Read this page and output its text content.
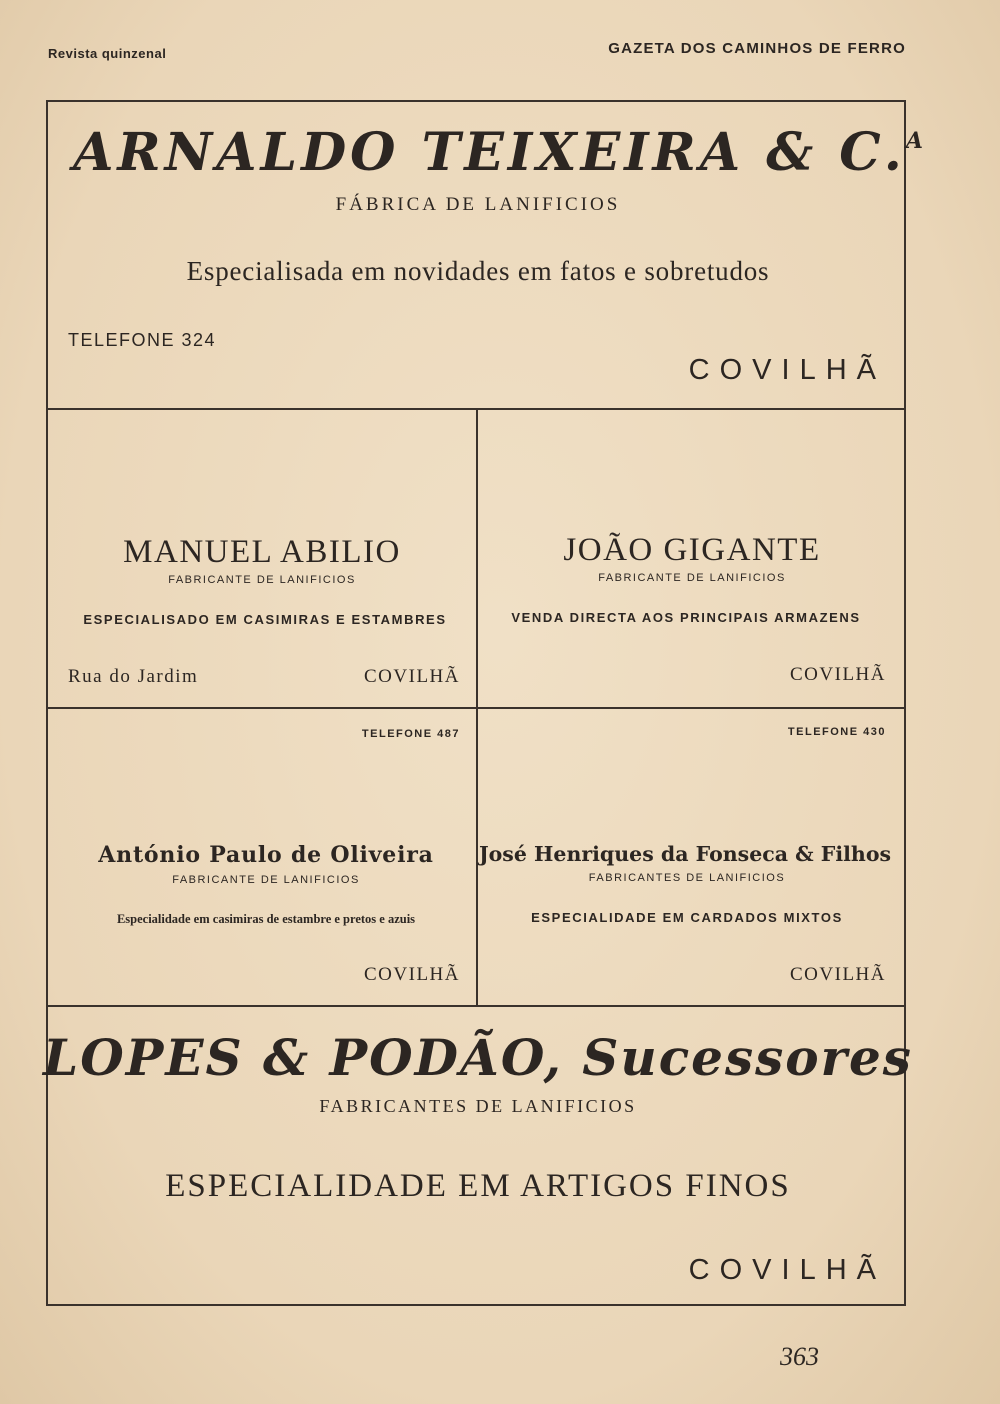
Revista quinzenal	GAZETA DOS CAMINHOS DE FERRO
ARNALDO TEIXEIRA & C.$^A$
FÁBRICA DE LANIFICIOS
Especialisada em novidades em fatos e sobretudos
TELEFONE 324
COVILHÃ
MANUEL ABILIO
FABRICANTE DE LANIFICIOS
ESPECIALISADO EM CASIMIRAS E ESTAMBRES
Rua do Jardim	COVILHÃ
JOÃO GIGANTE
FABRICANTE DE LANIFICIOS
VENDA DIRECTA AOS PRINCIPAIS ARMAZENS
COVILHÃ
TELEFONE 487
António Paulo de Oliveira
FABRICANTE DE LANIFICIOS
Especialidade em casimiras de estambre e pretos e azuis
COVILHÃ
TELEFONE 430
José Henriques da Fonseca & Filhos
FABRICANTES DE LANIFICIOS
ESPECIALIDADE EM CARDADOS MIXTOS
COVILHÃ
LOPES & PODÃO, Sucessores
FABRICANTES DE LANIFICIOS
ESPECIALIDADE EM ARTIGOS FINOS
COVILHÃ
363
